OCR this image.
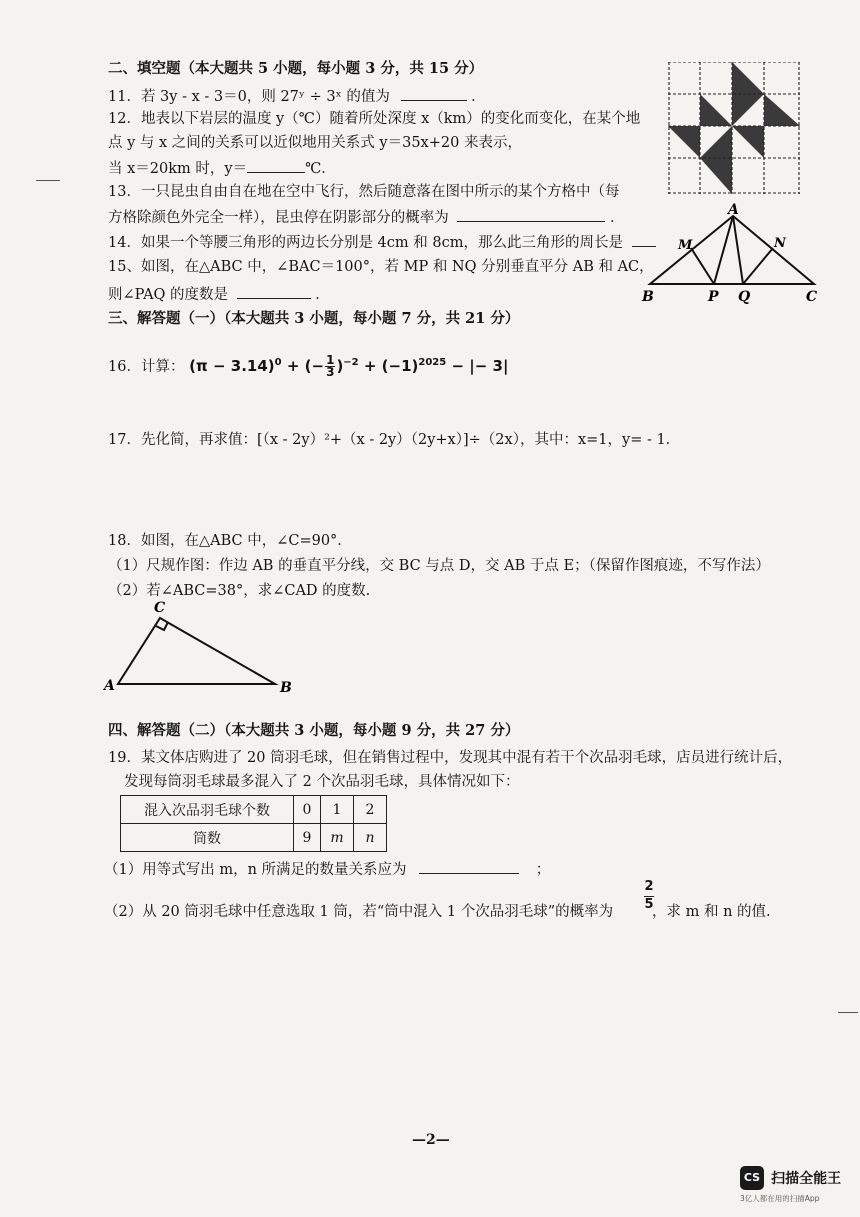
二、填空题（本大题共 5 小题，每小题 3 分，共 15 分）
11．若 3y - x - 3＝0，则 27ʸ ÷ 3ˣ 的值为	．
12．地表以下岩层的温度 y（℃）随着所处深度 x（km）的变化而变化，在某个地
点 y 与 x 之间的关系可以近似地用关系式 y＝35x+20 来表示，
当 x＝20km 时，y＝	℃．
13．一只昆虫自由自在地在空中飞行，然后随意落在图中所示的某个方格中（每
方格除颜色外完全一样），昆虫停在阴影部分的概率为	．
14．如果一个等腰三角形的两边长分别是 4cm 和 8cm，那么此三角形的周长是
15、如图，在△ABC 中，∠BAC＝100°，若 MP 和 NQ 分别垂直平分 AB 和 AC，
则∠PAQ 的度数是	．
A
B	C
M	N
P Q
三、解答题（一）（本大题共 3 小题，每小题 7 分，共 21 分）
16．计算： $(\pi - 3.14)^0$ + (− $\frac{1}{3} )^{-2} + (-1)^{2025}$ − |− 3|
17．先化简，再求值：[（x - 2y）²+（x - 2y）（2y+x）]÷（2x），其中：x=1，y= - 1．
18．如图，在△ABC 中，∠C=90°．
（1）尺规作图：作边 AB 的垂直平分线，交 BC 与点 D，交 AB 于点 E；（保留作图痕迹，不写作法）
（2）若∠ABC=38°，求∠CAD 的度数.
C
A	B
四、解答题（二）（本大题共 3 小题，每小题 9 分，共 27 分）
19．某文体店购进了 20 筒羽毛球，但在销售过程中，发现其中混有若干个次品羽毛球，店员进行统计后，
发现每筒羽毛球最多混入了 2 个次品羽毛球，具体情况如下：
混入次品羽毛球个数	0	1	2
筒数	9	m	n
（1）用等式写出 m，n 所满足的数量关系应为	；
（2）从 20 筒羽毛球中任意选取 1 筒，若“筒中混入 1 个次品羽毛球”的概率为
2
5
，求 m 和 n 的值.
—2—
CS 扫描全能王
3亿人都在用的扫描App
